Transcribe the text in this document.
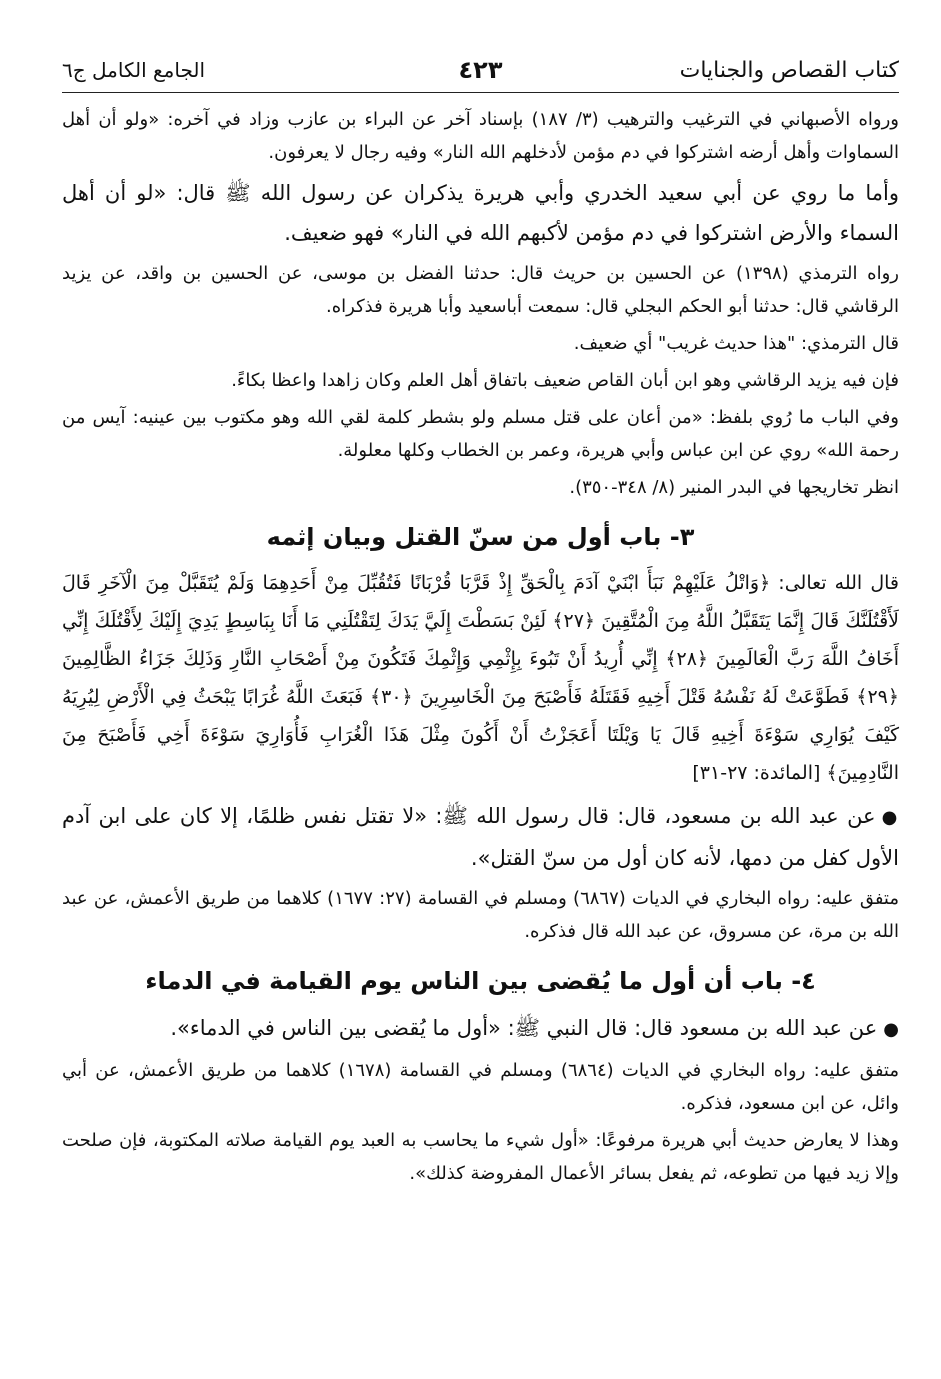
كتاب القصاص والجنايات
٤٢٣
الجامع الكامل ج٦

ورواه الأصبهاني في الترغيب والترهيب (٣/ ١٨٧) بإسناد آخر عن البراء بن عازب وزاد في آخره: «ولو أن أهل السماوات وأهل أرضه اشتركوا في دم مؤمن لأدخلهم الله النار» وفيه رجال لا يعرفون.

وأما ما روي عن أبي سعيد الخدري وأبي هريرة يذكران عن رسول الله ﷺ قال: «لو أن أهل السماء والأرض اشتركوا في دم مؤمن لأكبهم الله في النار» فهو ضعيف.

رواه الترمذي (١٣٩٨) عن الحسين بن حريث قال: حدثنا الفضل بن موسى، عن الحسين بن واقد، عن يزيد الرقاشي قال: حدثنا أبو الحكم البجلي قال: سمعت أباسعيد وأبا هريرة فذكراه.

قال الترمذي: "هذا حديث غريب" أي ضعيف.

فإن فيه يزيد الرقاشي وهو ابن أبان القاص ضعيف باتفاق أهل العلم وكان زاهدا واعظا بكاءً.

وفي الباب ما رُوي بلفظ: «من أعان على قتل مسلم ولو بشطر كلمة لقي الله وهو مكتوب بين عينيه: آيس من رحمة الله» روي عن ابن عباس وأبي هريرة، وعمر بن الخطاب وكلها معلولة.

انظر تخاريجها في البدر المنير (٨/ ٣٤٨-٣٥٠).

٣- باب أول من سنّ القتل وبيان إثمه

قال الله تعالى: ﴿وَاتْلُ عَلَيْهِمْ نَبَأَ ابْنَيْ آدَمَ بِالْحَقِّ إِذْ قَرَّبَا قُرْبَانًا فَتُقُبِّلَ مِنْ أَحَدِهِمَا وَلَمْ يُتَقَبَّلْ مِنَ الْآخَرِ قَالَ لَأَقْتُلَنَّكَ قَالَ إِنَّمَا يَتَقَبَّلُ اللَّهُ مِنَ الْمُتَّقِينَ ﴿٢٧﴾ لَئِنْ بَسَطْتَ إِلَيَّ يَدَكَ لِتَقْتُلَنِي مَا أَنَا بِبَاسِطٍ يَدِيَ إِلَيْكَ لِأَقْتُلَكَ إِنِّي أَخَافُ اللَّهَ رَبَّ الْعَالَمِينَ ﴿٢٨﴾ إِنِّي أُرِيدُ أَنْ تَبُوءَ بِإِثْمِي وَإِثْمِكَ فَتَكُونَ مِنْ أَصْحَابِ النَّارِ وَذَلِكَ جَزَاءُ الظَّالِمِينَ ﴿٢٩﴾ فَطَوَّعَتْ لَهُ نَفْسُهُ قَتْلَ أَخِيهِ فَقَتَلَهُ فَأَصْبَحَ مِنَ الْخَاسِرِينَ ﴿٣٠﴾ فَبَعَثَ اللَّهُ غُرَابًا يَبْحَثُ فِي الْأَرْضِ لِيُرِيَهُ كَيْفَ يُوَارِي سَوْءَةَ أَخِيهِ قَالَ يَا وَيْلَتَا أَعَجَزْتُ أَنْ أَكُونَ مِثْلَ هَذَا الْغُرَابِ فَأُوَارِيَ سَوْءَةَ أَخِي فَأَصْبَحَ مِنَ النَّادِمِينَ﴾ [المائدة: ٢٧-٣١]

●عن عبد الله بن مسعود، قال: قال رسول الله ﷺ: «لا تقتل نفس ظلمًا، إلا كان على ابن آدم الأول كفل من دمها، لأنه كان أول من سنّ القتل».

متفق عليه: رواه البخاري في الديات (٦٨٦٧) ومسلم في القسامة (٢٧: ١٦٧٧) كلاهما من طريق الأعمش، عن عبد الله بن مرة، عن مسروق، عن عبد الله قال فذكره.

٤- باب أن أول ما يُقضى بين الناس يوم القيامة في الدماء

●عن عبد الله بن مسعود قال: قال النبي ﷺ: «أول ما يُقضى بين الناس في الدماء».

متفق عليه: رواه البخاري في الديات (٦٨٦٤) ومسلم في القسامة (١٦٧٨) كلاهما من طريق الأعمش، عن أبي وائل، عن ابن مسعود، فذكره.

وهذا لا يعارض حديث أبي هريرة مرفوعًا: «أول شيء ما يحاسب به العبد يوم القيامة صلاته المكتوبة، فإن صلحت وإلا زيد فيها من تطوعه، ثم يفعل بسائر الأعمال المفروضة كذلك».
